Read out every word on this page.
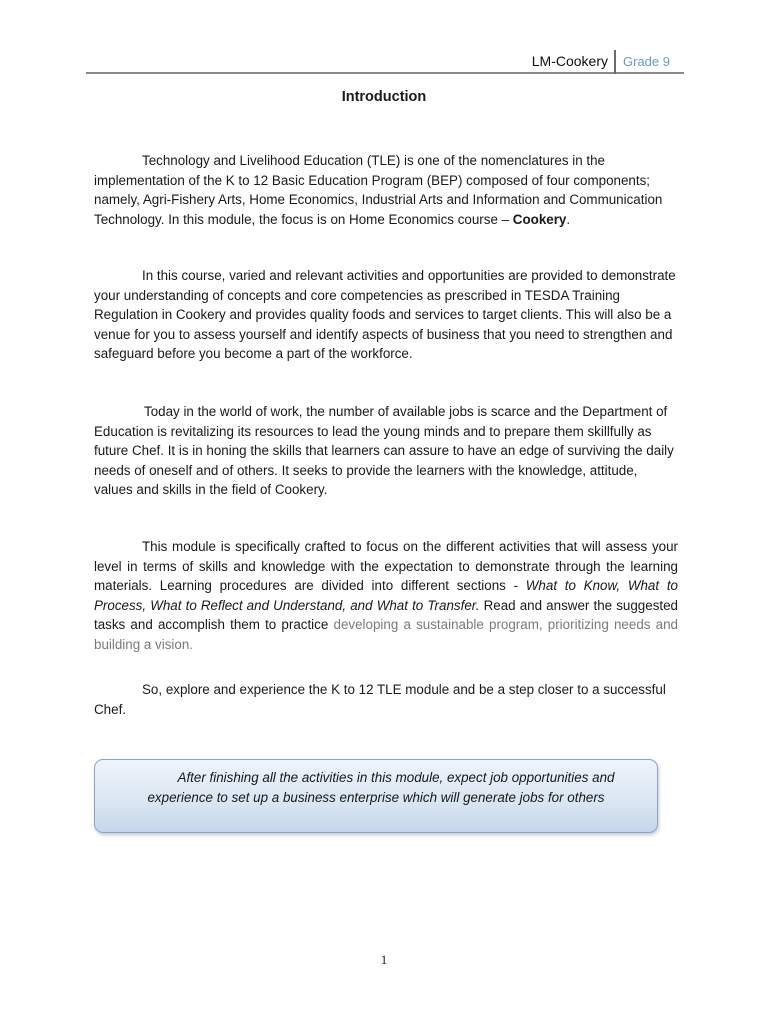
LM-Cookery	Grade 9
Introduction

Technology and Livelihood Education (TLE) is one of the nomenclatures in the implementation of the K to 12 Basic Education Program (BEP) composed of four components; namely, Agri-Fishery Arts, Home Economics, Industrial Arts and Information and Communication Technology. In this module, the focus is on Home Economics course – Cookery.

In this course, varied and relevant activities and opportunities are provided to demonstrate your understanding of concepts and core competencies as prescribed in TESDA Training Regulation in Cookery and provides quality foods and services to target clients. This will also be a venue for you to assess yourself and identify aspects of business that you need to strengthen and safeguard before you become a part of the workforce.

Today in the world of work, the number of available jobs is scarce and the Department of Education is revitalizing its resources to lead the young minds and to prepare them skillfully as future Chef. It is in honing the skills that learners can assure to have an edge of surviving the daily needs of oneself and of others. It seeks to provide the learners with the knowledge, attitude, values and skills in the field of Cookery.

This module is specifically crafted to focus on the different activities that will assess your level in terms of skills and knowledge with the expectation to demonstrate through the learning materials. Learning procedures are divided into different sections - What to Know, What to Process, What to Reflect and Understand, and What to Transfer. Read and answer the suggested tasks and accomplish them to practice developing a sustainable program, prioritizing needs and building a vision.

So, explore and experience the K to 12 TLE module and be a step closer to a successful Chef.

After finishing all the activities in this module, expect job opportunities and experience to set up a business enterprise which will generate jobs for others
1
